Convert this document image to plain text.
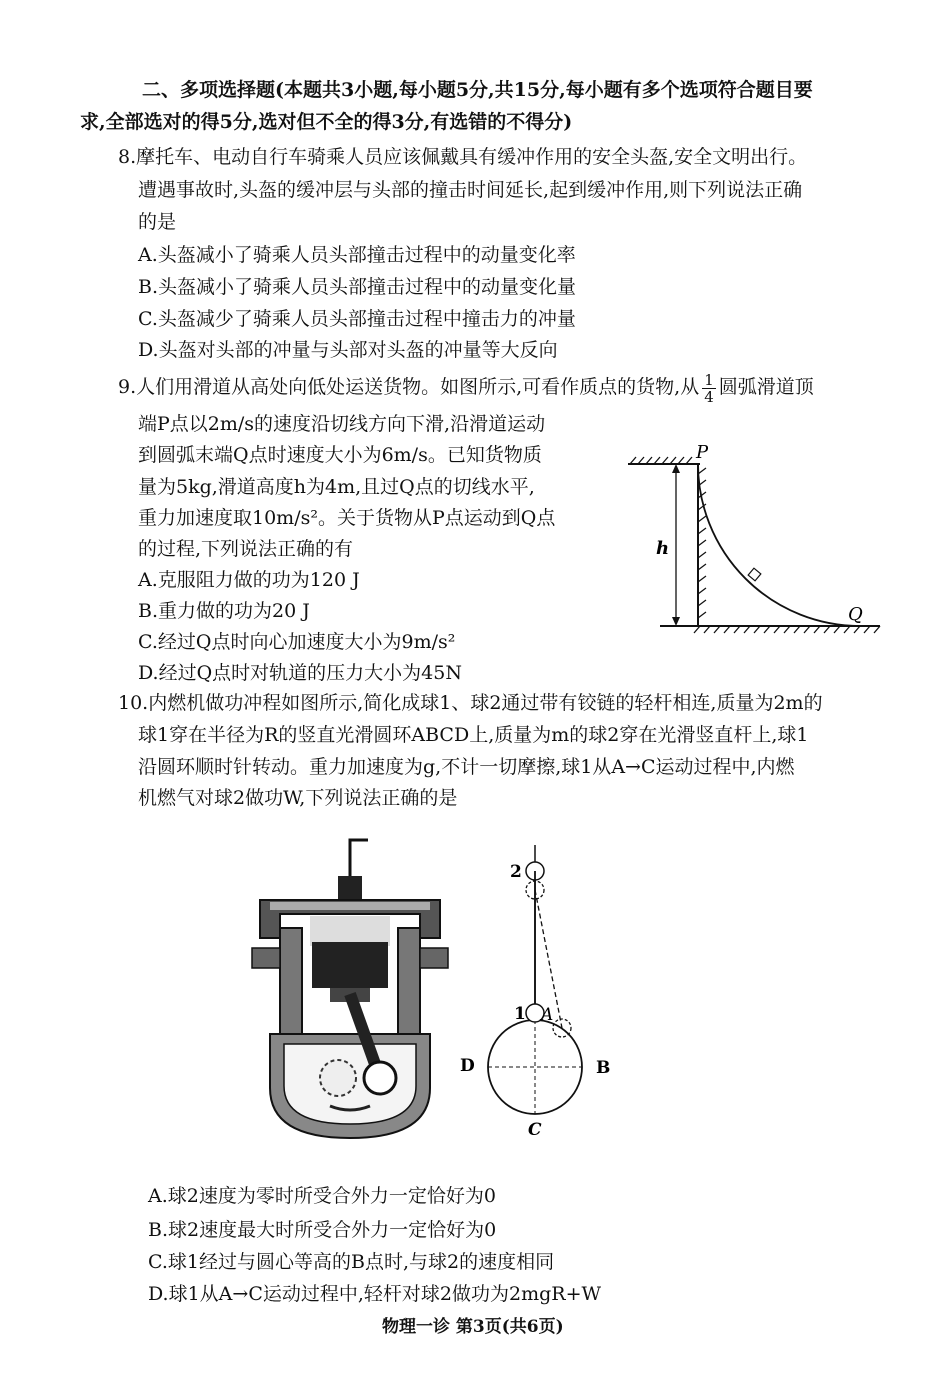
二、多项选择题(本题共3小题,每小题5分,共15分,每小题有多个选项符合题目要
求,全部选对的得5分,选对但不全的得3分,有选错的不得分)
8.摩托车、电动自行车骑乘人员应该佩戴具有缓冲作用的安全头盔,安全文明出行。
遭遇事故时,头盔的缓冲层与头部的撞击时间延长,起到缓冲作用,则下列说法正确
的是
A.头盔减小了骑乘人员头部撞击过程中的动量变化率
B.头盔减小了骑乘人员头部撞击过程中的动量变化量
C.头盔减少了骑乘人员头部撞击过程中撞击力的冲量
D.头盔对头部的冲量与头部对头盔的冲量等大反向
9.人们用滑道从高处向低处运送货物。如图所示,可看作质点的货物,从 $\frac{1}{4}$ 圆弧滑道顶
端P点以2m/s的速度沿切线方向下滑,沿滑道运动
到圆弧末端Q点时速度大小为6m/s。已知货物质
量为5kg,滑道高度h为4m,且过Q点的切线水平,
重力加速度取10m/s²。关于货物从P点运动到Q点
的过程,下列说法正确的有
A.克服阻力做的功为120 J
B.重力做的功为20 J
C.经过Q点时向心加速度大小为9m/s²
D.经过Q点时对轨道的压力大小为45N
h
P
Q
10.内燃机做功冲程如图所示,简化成球1、球2通过带有铰链的轻杆相连,质量为2m的
球1穿在半径为R的竖直光滑圆环ABCD上,质量为m的球2穿在光滑竖直杆上,球1
沿圆环顺时针转动。重力加速度为g,不计一切摩擦,球1从A→C运动过程中,内燃
机燃气对球2做功W,下列说法正确的是
2
1 A
B
D
C
A.球2速度为零时所受合外力一定恰好为0
B.球2速度最大时所受合外力一定恰好为0
C.球1经过与圆心等高的B点时,与球2的速度相同
D.球1从A→C运动过程中,轻杆对球2做功为2mgR+W
物理一诊 第3页(共6页)
